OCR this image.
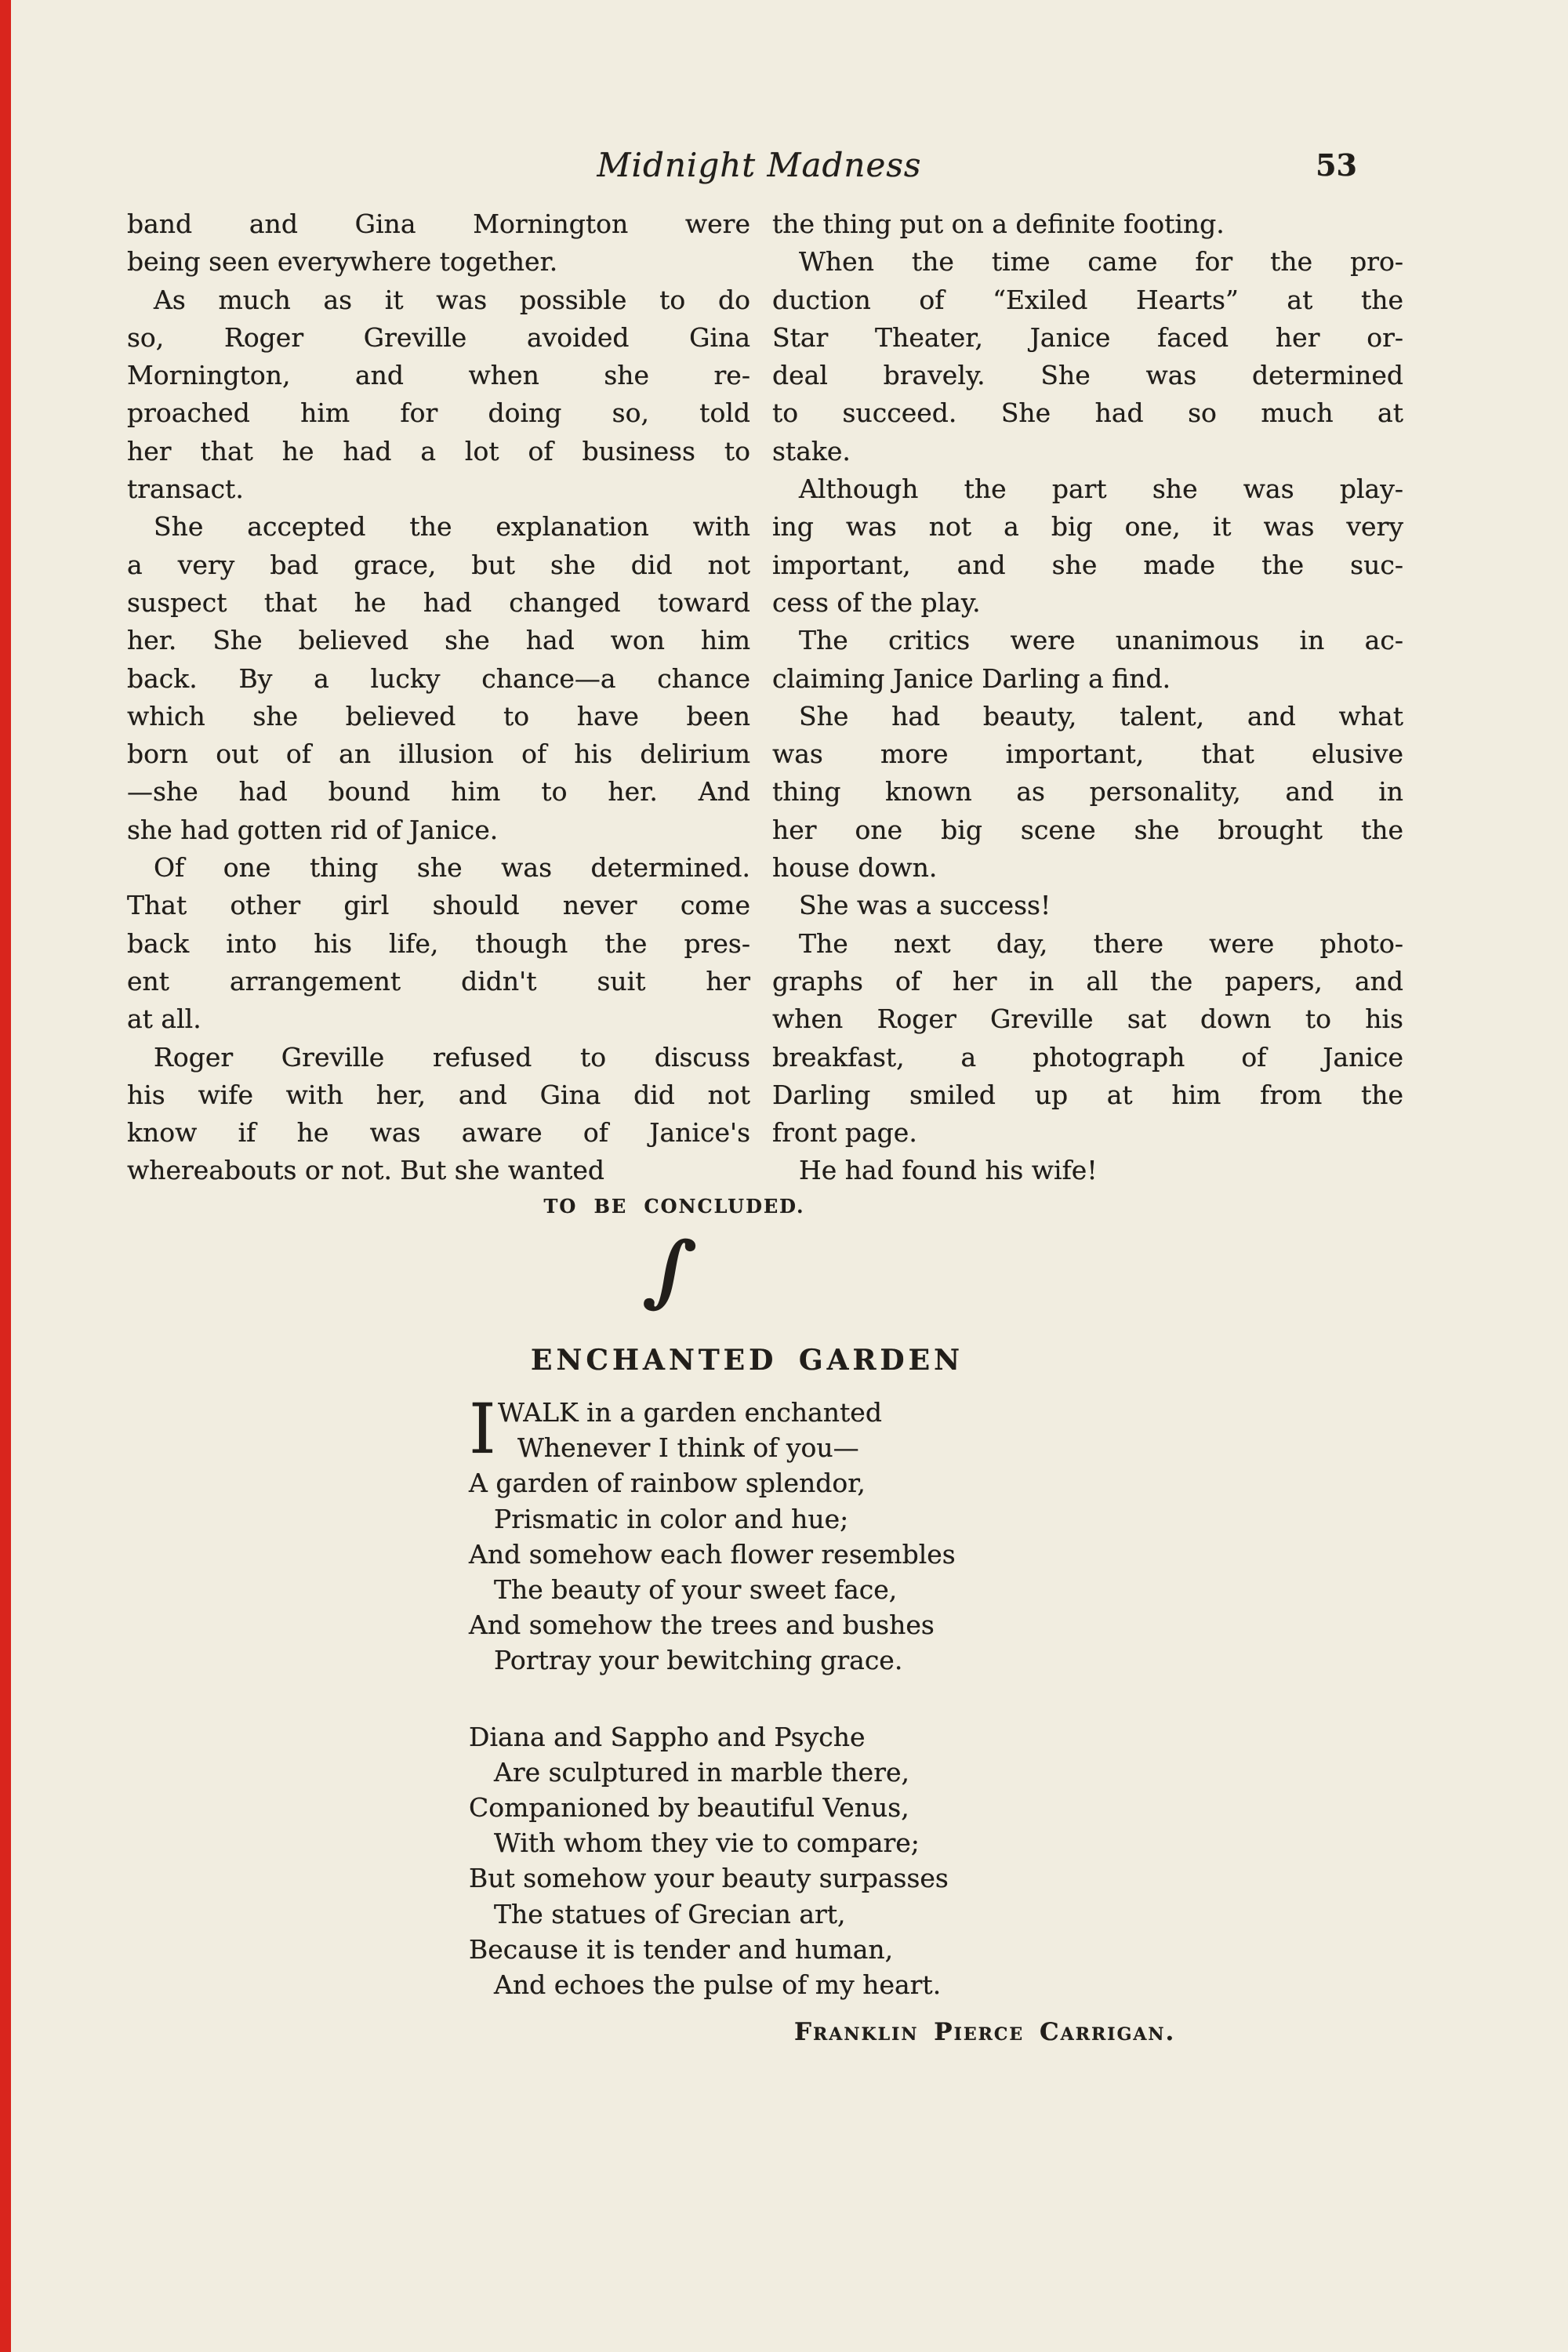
Midnight Madness	53
band and Gina Mornington were
being seen everywhere together.
As much as it was possible to do
so, Roger Greville avoided Gina
Mornington, and when she re-
proached him for doing so, told
her that he had a lot of business to
transact.
She accepted the explanation with
a very bad grace, but she did not
suspect that he had changed toward
her. She believed she had won him
back. By a lucky chance—a chance
which she believed to have been
born out of an illusion of his delirium
—she had bound him to her. And
she had gotten rid of Janice.
Of one thing she was determined.
That other girl should never come
back into his life, though the pres-
ent arrangement didn't suit her
at all.
Roger Greville refused to discuss
his wife with her, and Gina did not
know if he was aware of Janice's
whereabouts or not. But she wanted
the thing put on a definite footing.
When the time came for the pro-
duction of “Exiled Hearts” at the
Star Theater, Janice faced her or-
deal bravely. She was determined
to succeed. She had so much at
stake.
Although the part she was play-
ing was not a big one, it was very
important, and she made the suc-
cess of the play.
The critics were unanimous in ac-
claiming Janice Darling a find.
She had beauty, talent, and what
was more important, that elusive
thing known as personality, and in
her one big scene she brought the
house down.
She was a success!
The next day, there were photo-
graphs of her in all the papers, and
when Roger Greville sat down to his
breakfast, a photograph of Janice
Darling smiled up at him from the
front page.
He had found his wife!
TO BE CONCLUDED.
∫
ENCHANTED GARDEN
I WALK in a garden enchanted
Whenever I think of you—
A garden of rainbow splendor,
Prismatic in color and hue;
And somehow each flower resembles
The beauty of your sweet face,
And somehow the trees and bushes
Portray your bewitching grace.
Diana and Sappho and Psyche
Are sculptured in marble there,
Companioned by beautiful Venus,
With whom they vie to compare;
But somehow your beauty surpasses
The statues of Grecian art,
Because it is tender and human,
And echoes the pulse of my heart.
Franklin Pierce Carrigan.
